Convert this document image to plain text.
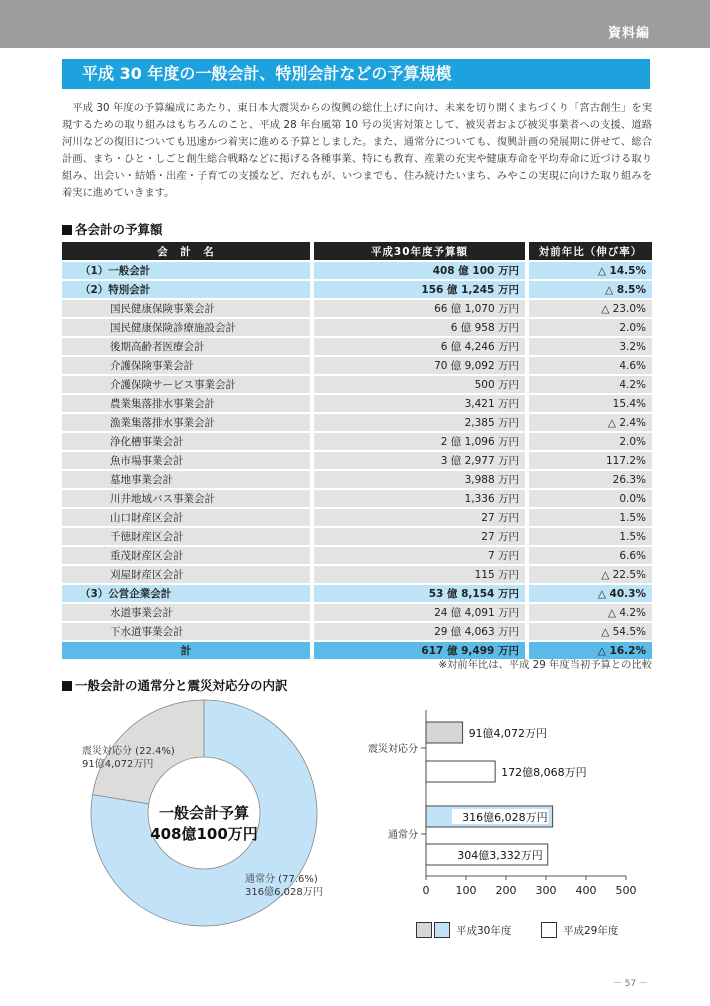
資料編
平成 30 年度の一般会計、特別会計などの予算規模

平成 30 年度の予算編成にあたり、東日本大震災からの復興の総仕上げに向け、未来を切り開くまちづくり「宮古創生」を実現するための取り組みはもちろんのこと、平成 28 年台風第 10 号の災害対策として、被災者および被災事業者への支援、道路河川などの復旧についても迅速かつ着実に進める予算としました。また、通常分についても、復興計画の発展期に併せて、総合計画、まち・ひと・しごと創生総合戦略などに掲げる各種事業、特にも教育、産業の充実や健康寿命を平均寿命に近づける取り組み、出会い・結婚・出産・子育ての支援など、だれもが、いつまでも、住み続けたいまち、みやこの実現に向けた取り組みを着実に進めていきます。

各会計の予算額
会　計　名	平成30年度予算額	対前年比（伸び率）
（1）一般会計	408 億 100 万円	△ 14.5%
（2）特別会計	156 億 1,245 万円	△ 8.5%
国民健康保険事業会計	66 億 1,070 万円	△ 23.0%
国民健康保険診療施設会計	6 億 958 万円	2.0%
後期高齢者医療会計	6 億 4,246 万円	3.2%
介護保険事業会計	70 億 9,092 万円	4.6%
介護保険サービス事業会計	500 万円	4.2%
農業集落排水事業会計	3,421 万円	15.4%
漁業集落排水事業会計	2,385 万円	△ 2.4%
浄化槽事業会計	2 億 1,096 万円	2.0%
魚市場事業会計	3 億 2,977 万円	117.2%
墓地事業会計	3,988 万円	26.3%
川井地域バス事業会計	1,336 万円	0.0%
山口財産区会計	27 万円	1.5%
千徳財産区会計	27 万円	1.5%
重茂財産区会計	7 万円	6.6%
刈屋財産区会計	115 万円	△ 22.5%
（3）公営企業会計	53 億 8,154 万円	△ 40.3%
水道事業会計	24 億 4,091 万円	△ 4.2%
下水道事業会計	29 億 4,063 万円	△ 54.5%
計	617 億 9,499 万円	△ 16.2%
※対前年比は、平成 29 年度当初予算との比較
一般会計の通常分と震災対応分の内訳
震災対応分 (22.4%)
91億4,072万円
通常分 (77.6%)
316億6,028万円
一般会計予算
408億100万円
0 100 200 300 400 500
震災対応分
通常分
91億4,072万円
172億8,068万円
316億6,028万円
304億3,332万円
平成30年度	平成29年度
－ 57 －
